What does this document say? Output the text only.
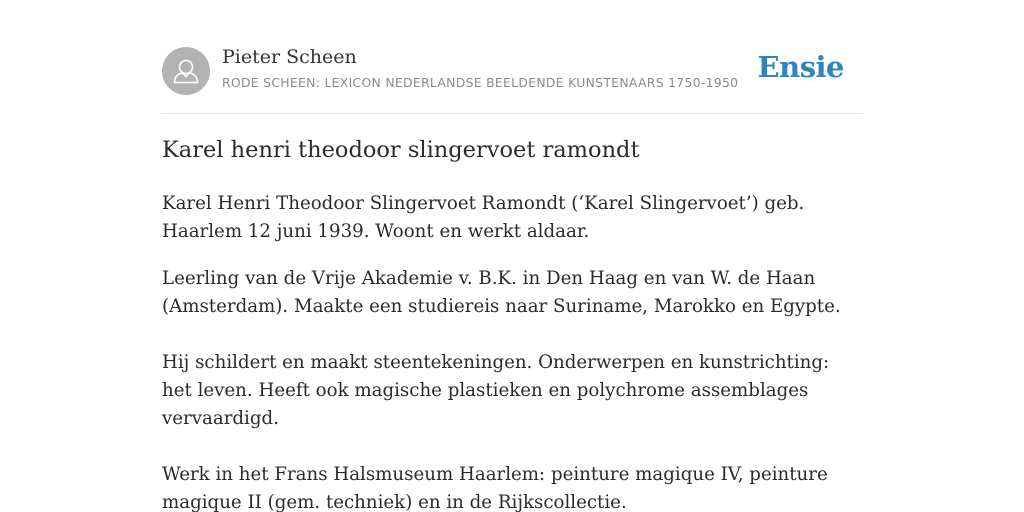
Pieter Scheen
RODE SCHEEN: LEXICON NEDERLANDSE BEELDENDE KUNSTENAARS 1750-1950 Ensie
Karel henri theodoor slingervoet ramondt

Karel Henri Theodoor Slingervoet Ramondt (‘Karel Slingervoet’) geb. Haarlem 12 juni 1939. Woont en werkt aldaar.

Leerling van de Vrije Akademie v. B.K. in Den Haag en van W. de Haan (Amsterdam). Maakte een studiereis naar Suriname, Marokko en Egypte.

Hij schildert en maakt steentekeningen. Onderwerpen en kunstrichting: het leven. Heeft ook magische plastieken en polychrome assemblages vervaardigd.

Werk in het Frans Halsmuseum Haarlem: peinture magique IV, peinture magique II (gem. techniek) en in de Rijkscollectie.
